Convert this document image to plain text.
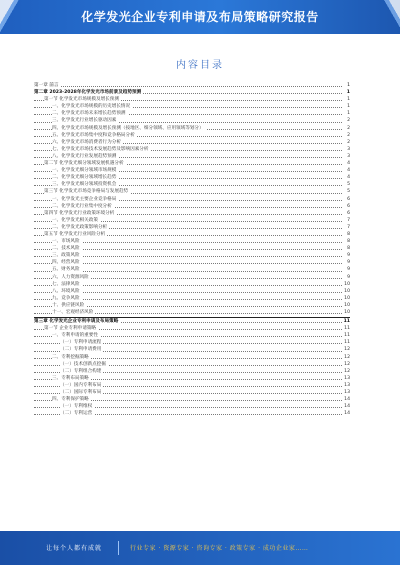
化学发光企业专利申请及布局策略研究报告
内容目录
第一章 前言	1
第二章 2023-2028年化学发光市场前景及趋势预测	1
第一节 化学发光市场规模及增长预测	1
一、化学发光市场规模的历史增长情况	1
二、化学发光市场未来增长趋势预测	1
三、化学发光行业增长驱动因素	2
四、化学发光市场规模及增长预测（按地区、细分领域、应用领域等划分）	2
五、化学发光市场集中度和竞争格局分析	2
六、化学发光市场消费者行为分析	2
七、化学发光市场技术发展趋势及影响因素分析	3
八、化学发光行业发展趋势预测	3
第二节 化学发光细分领域发展机遇分析	4
一、化学发光细分领域市场规模	4
二、化学发光细分领域增长趋势	4
三、化学发光细分领域投资机会	5
第三节 化学发光市场竞争格局与发展趋势	5
一、化学发光主要企业竞争格局	6
二、化学发光行业集中度分析	6
第四节 化学发光行业政策环境分析	6
一、化学发光相关政策	7
二、化学发光政策影响分析	7
第五节 化学发光行业风险分析	8
一、市场风险	8
二、技术风险	8
三、政策风险	9
四、经营风险	9
五、财务风险	9
六、人力资源风险	9
七、法律风险	10
八、环境风险	10
九、竞争风险	10
十、供应链风险	10
十一、宏观经济风险	10
第三章 化学发光企业专利申请及布局策略	11
第一节 企业专利申请策略	11
一、专利申请的重要性	11
（一）专利申请流程	11
（二）专利申请费用	12
二、专利挖掘策略	12
（一）技术创新点挖掘	12
（二）专利组合构建	12
三、专利布局策略	13
（一）国内专利布局	13
（二）国际专利布局	13
四、专利保护策略	14
（一）专利维权	14
（二）专利运营	14
让每个人都有成就	行业专家 · 资源专家 · 咨询专家 · 政策专家 · 成功企业家……
